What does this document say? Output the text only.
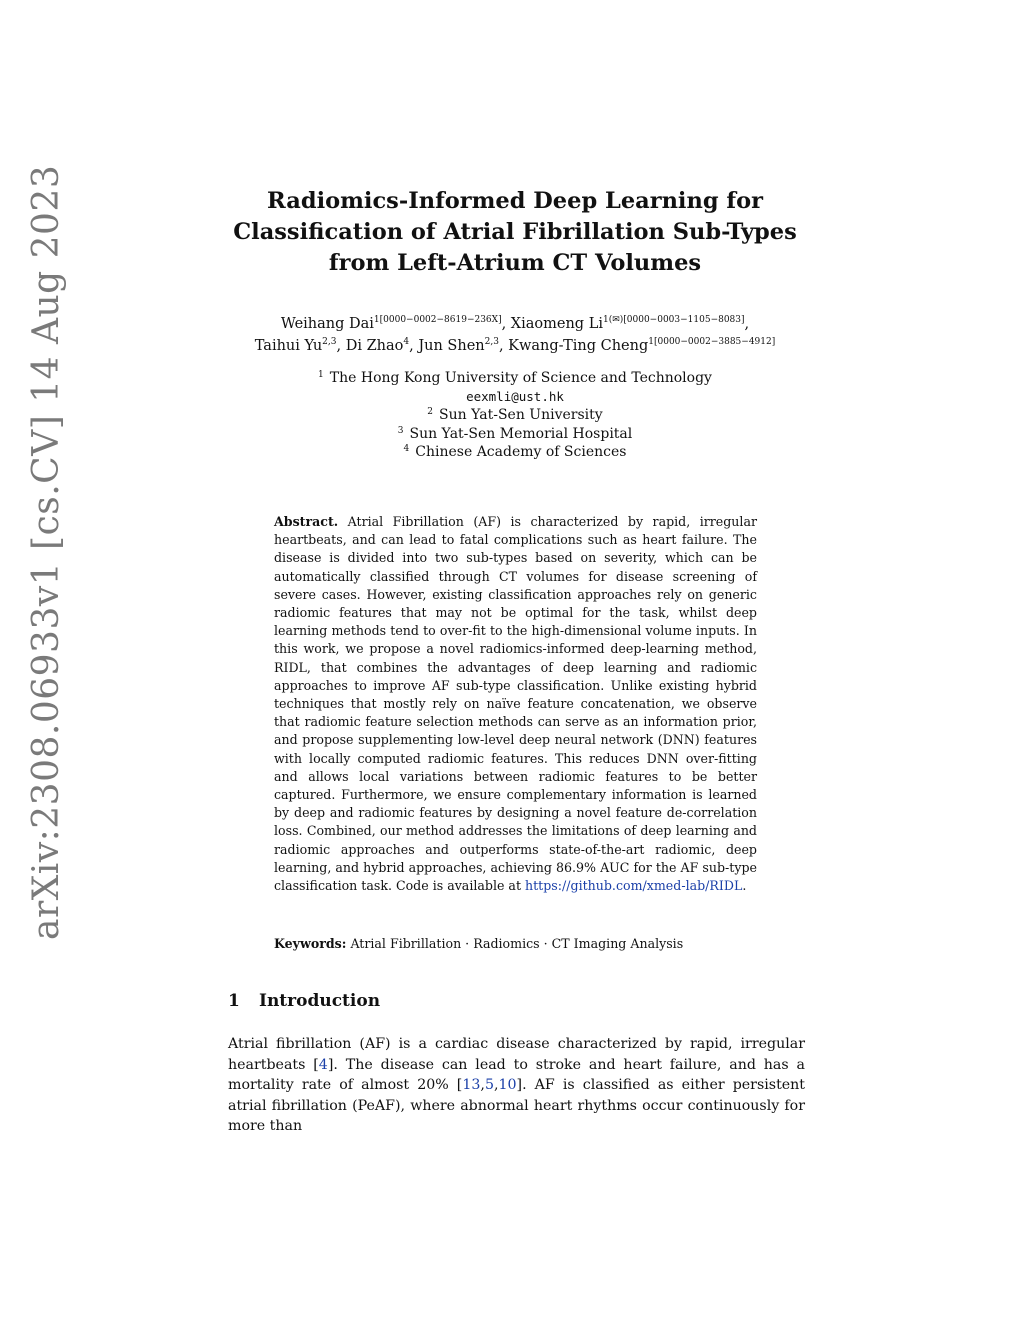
arXiv:2308.06933v1 [cs.CV] 14 Aug 2023	Radiomics-Informed Deep Learning for
Classification of Atrial Fibrillation Sub-Types
from Left-Atrium CT Volumes
Weihang Dai$^{1[0000-0002-8619-236X]}$, Xiaomeng $Li^{1(✉)[0000-0003-1105-8083]}$,
Taihui Yu$^{2,3}$, Di Zhao$^4$, Jun Shen$^{2,3}$, Kwang-Ting Cheng$^{1[0000-0002-3885-4912]}$
$^1$ The Hong Kong University of Science and Technology
eexmli@ust.hk
$^2$ Sun Yat-Sen University
$^3$ Sun Yat-Sen Memorial Hospital
$^4$ Chinese Academy of Sciences
Abstract. Atrial Fibrillation (AF) is characterized by rapid, irregular heartbeats, and can lead to fatal complications such as heart failure. The disease is divided into two sub-types based on severity, which can be automatically classified through CT volumes for disease screening of severe cases. However, existing classification approaches rely on generic radiomic features that may not be optimal for the task, whilst deep learning methods tend to over-fit to the high-dimensional volume inputs. In this work, we propose a novel radiomics-informed deep-learning method, RIDL, that combines the advantages of deep learning and radiomic approaches to improve AF sub-type classification. Unlike existing hybrid techniques that mostly rely on naïve feature concatenation, we observe that radiomic feature selection methods can serve as an information prior, and propose supplementing low-level deep neural network (DNN) features with locally computed radiomic features. This reduces DNN over-fitting and allows local variations between radiomic features to be better captured. Furthermore, we ensure complementary information is learned by deep and radiomic features by designing a novel feature de-correlation loss. Combined, our method addresses the limitations of deep learning and radiomic approaches and outperforms state-of-the-art radiomic, deep learning, and hybrid approaches, achieving 86.9% AUC for the AF sub-type classification task. Code is available at https://github.com/xmed-lab/RIDL.
Keywords: Atrial Fibrillation · Radiomics · CT Imaging Analysis
1 Introduction
Atrial fibrillation (AF) is a cardiac disease characterized by rapid, irregular heartbeats [4]. The disease can lead to stroke and heart failure, and has a mortality rate of almost 20% [13,5,10]. AF is classified as either persistent atrial fibrillation (PeAF), where abnormal heart rhythms occur continuously for more than
